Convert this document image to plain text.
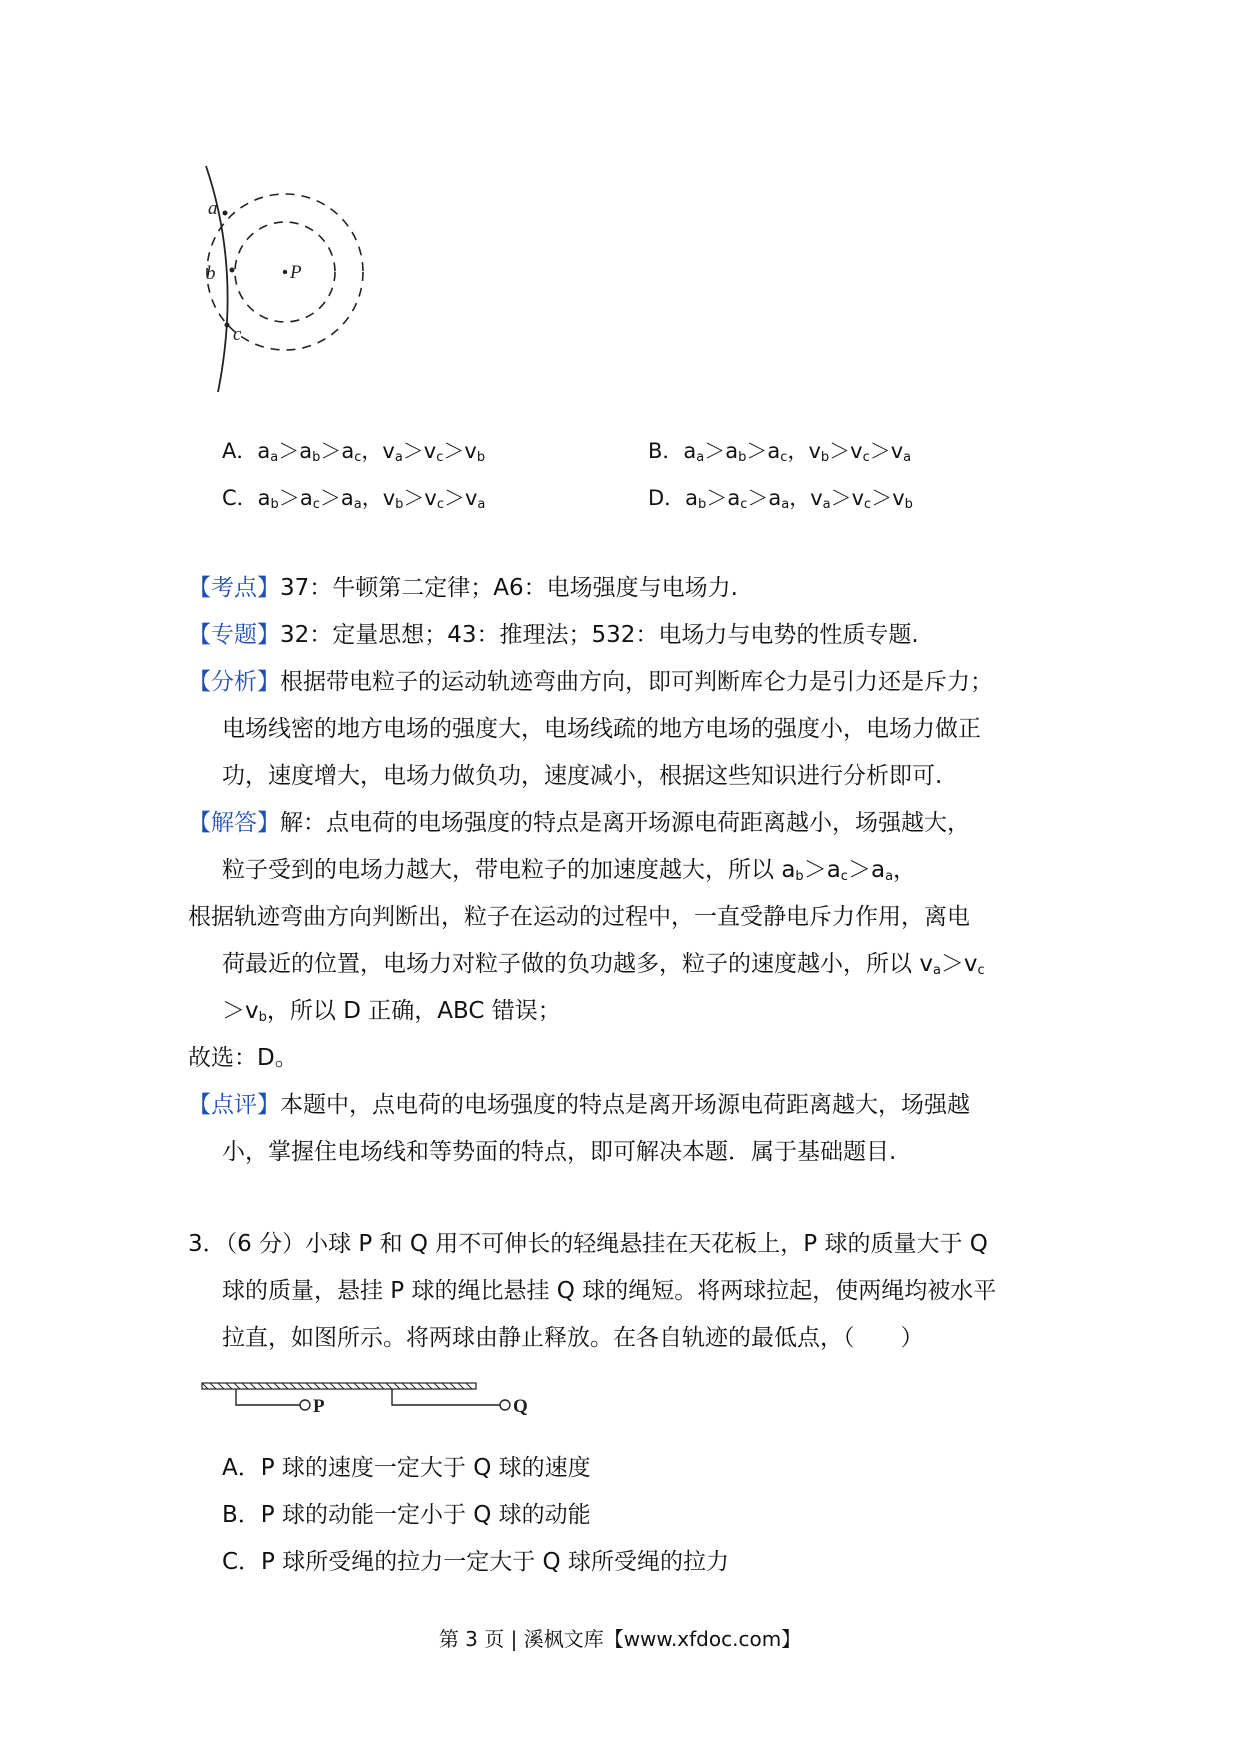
a
b
c
P
A．$a_a>a_b>a_c$，$v_a>v_c>v_b$	B．$a_a>a_b>a_c$，$v_b>v_c>v_a$
C．$a_b>a_c>a_a$，$v_b>v_c>v_a$	D．$a_b>a_c>a_a$，$v_a>v_c>v_b$
【考点】37：牛顿第二定律；A6：电场强度与电场力.
【专题】32：定量思想；43：推理法；532：电场力与电势的性质专题.
【分析】根据带电粒子的运动轨迹弯曲方向，即可判断库仑力是引力还是斥力；
电场线密的地方电场的强度大，电场线疏的地方电场的强度小，电场力做正
功，速度增大，电场力做负功，速度减小，根据这些知识进行分析即可.
【解答】解：点电荷的电场强度的特点是离开场源电荷距离越小，场强越大，
粒子受到的电场力越大，带电粒子的加速度越大，所以 $a_b>a_c>a_a$，
根据轨迹弯曲方向判断出，粒子在运动的过程中，一直受静电斥力作用，离电
荷最近的位置，电场力对粒子做的负功越多，粒子的速度越小，所以 $v_a>v_c$
$>v_b$，所以 D 正确，ABC 错误；
故选：D。
【点评】本题中，点电荷的电场强度的特点是离开场源电荷距离越大，场强越
小，掌握住电场线和等势面的特点，即可解决本题．属于基础题目.
3．（6 分）小球 P 和 Q 用不可伸长的轻绳悬挂在天花板上，P 球的质量大于 Q
球的质量，悬挂 P 球的绳比悬挂 Q 球的绳短。将两球拉起，使两绳均被水平
拉直，如图所示。将两球由静止释放。在各自轨迹的最低点，（　　）
P	Q
A．P 球的速度一定大于 Q 球的速度
B．P 球的动能一定小于 Q 球的动能
C．P 球所受绳的拉力一定大于 Q 球所受绳的拉力
第 3 页 | 溪枫文库【www.xfdoc.com】
